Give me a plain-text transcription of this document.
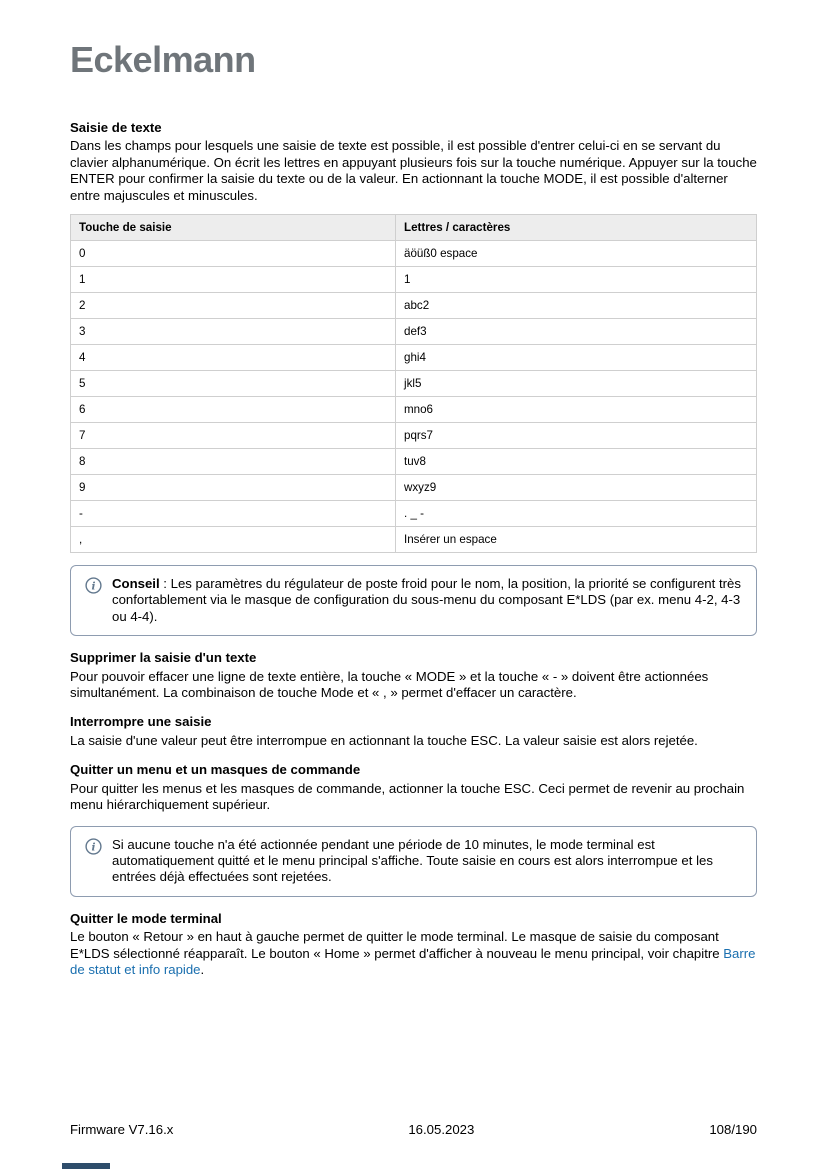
Eckelmann
Saisie de texte

Dans les champs pour lesquels une saisie de texte est possible, il est possible d'entrer celui-ci en se servant du clavier alphanumérique. On écrit les lettres en appuyant plusieurs fois sur la touche numérique. Appuyer sur la touche ENTER pour confirmer la saisie du texte ou de la valeur. En actionnant la touche MODE, il est possible d'alterner entre majuscules et minuscules.

Touche de saisie	Lettres / caractères
0	äöüß0 espace
1	1
2	abc2
3	def3
4	ghi4
5	jkl5
6	mno6
7	pqrs7
8	tuv8
9	wxyz9
-	. _ -
,	Insérer un espace
i Conseil : Les paramètres du régulateur de poste froid pour le nom, la position, la priorité se configurent très confortablement via le masque de configuration du sous-menu du composant E*LDS (par ex. menu 4-2, 4-3 ou 4-4).

Supprimer la saisie d'un texte

Pour pouvoir effacer une ligne de texte entière, la touche « MODE » et la touche « - » doivent être actionnées simultanément. La combinaison de touche Mode et « , » permet d'effacer un caractère.

Interrompre une saisie

La saisie d'une valeur peut être interrompue en actionnant la touche ESC. La valeur saisie est alors rejetée.

Quitter un menu et un masques de commande

Pour quitter les menus et les masques de commande, actionner la touche ESC. Ceci permet de revenir au prochain menu hiérarchiquement supérieur.

i Si aucune touche n'a été actionnée pendant une période de 10 minutes, le mode terminal est automatiquement quitté et le menu principal s'affiche. Toute saisie en cours est alors interrompue et les entrées déjà effectuées sont rejetées.

Quitter le mode terminal

Le bouton « Retour » en haut à gauche permet de quitter le mode terminal. Le masque de saisie du composant E*LDS sélectionné réapparaît. Le bouton « Home » permet d'afficher à nouveau le menu principal, voir chapitre Barre de statut et info rapide.

Firmware V7.16.x	16.05.2023	108/190
